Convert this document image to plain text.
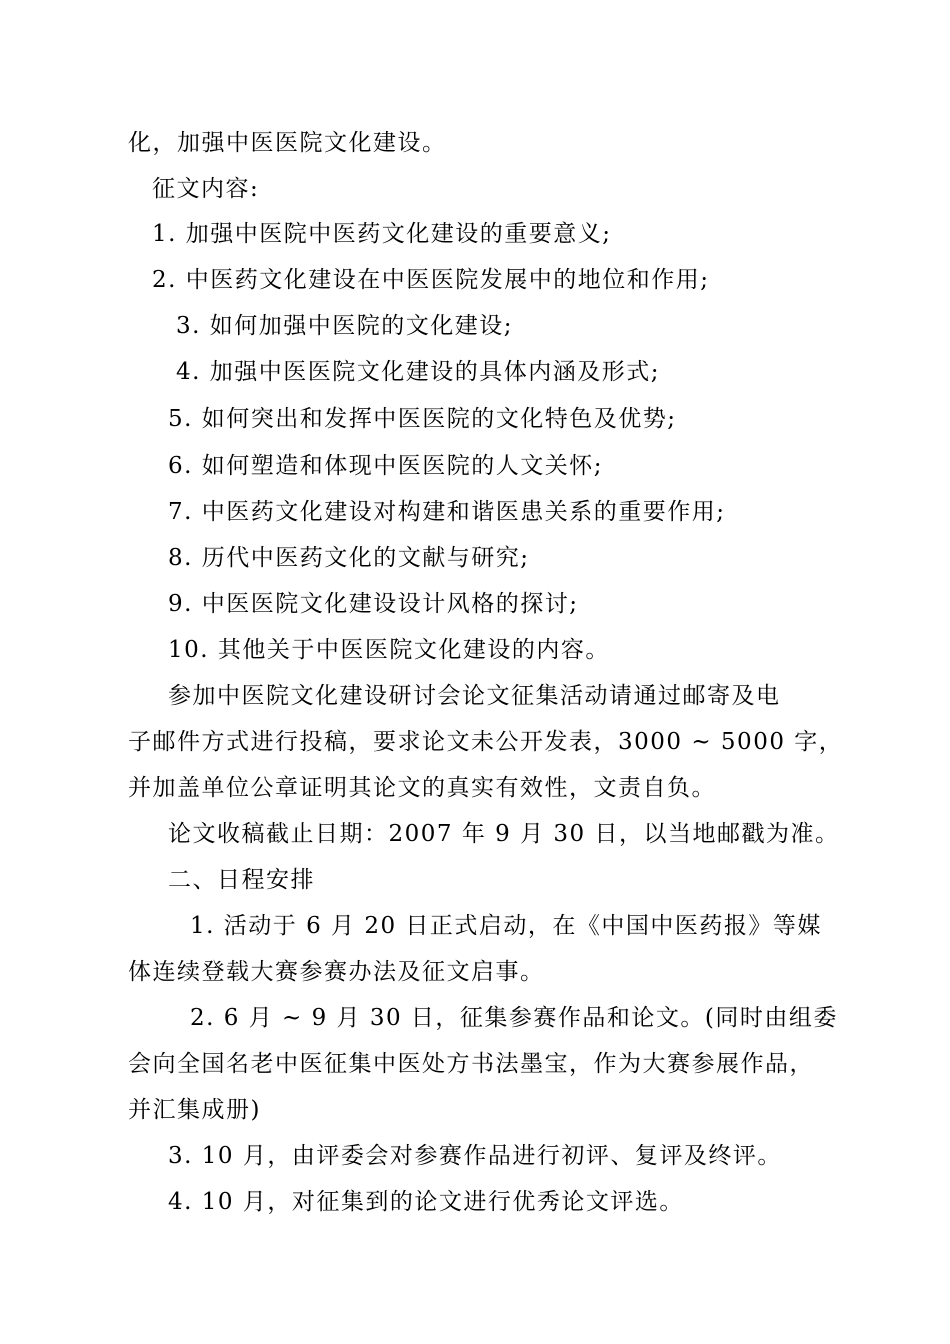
化，加强中医医院文化建设。
征文内容:
1. 加强中医院中医药文化建设的重要意义;
2. 中医药文化建设在中医医院发展中的地位和作用;
3. 如何加强中医院的文化建设;
4. 加强中医医院文化建设的具体内涵及形式;
5. 如何突出和发挥中医医院的文化特色及优势;
6. 如何塑造和体现中医医院的人文关怀;
7. 中医药文化建设对构建和谐医患关系的重要作用;
8. 历代中医药文化的文献与研究;
9. 中医医院文化建设设计风格的探讨;
10. 其他关于中医医院文化建设的内容。
参加中医院文化建设研讨会论文征集活动请通过邮寄及电
子邮件方式进行投稿，要求论文未公开发表，3000 ~ 5000 字，
并加盖单位公章证明其论文的真实有效性，文责自负。
论文收稿截止日期：2007 年 9 月 30 日，以当地邮戳为准。
二、日程安排
1. 活动于 6 月 20 日正式启动，在《中国中医药报》等媒
体连续登载大赛参赛办法及征文启事。
2. 6 月 ~ 9 月 30 日，征集参赛作品和论文。(同时由组委
会向全国名老中医征集中医处方书法墨宝，作为大赛参展作品，
并汇集成册)
3. 10 月，由评委会对参赛作品进行初评、复评及终评。
4. 10 月，对征集到的论文进行优秀论文评选。
